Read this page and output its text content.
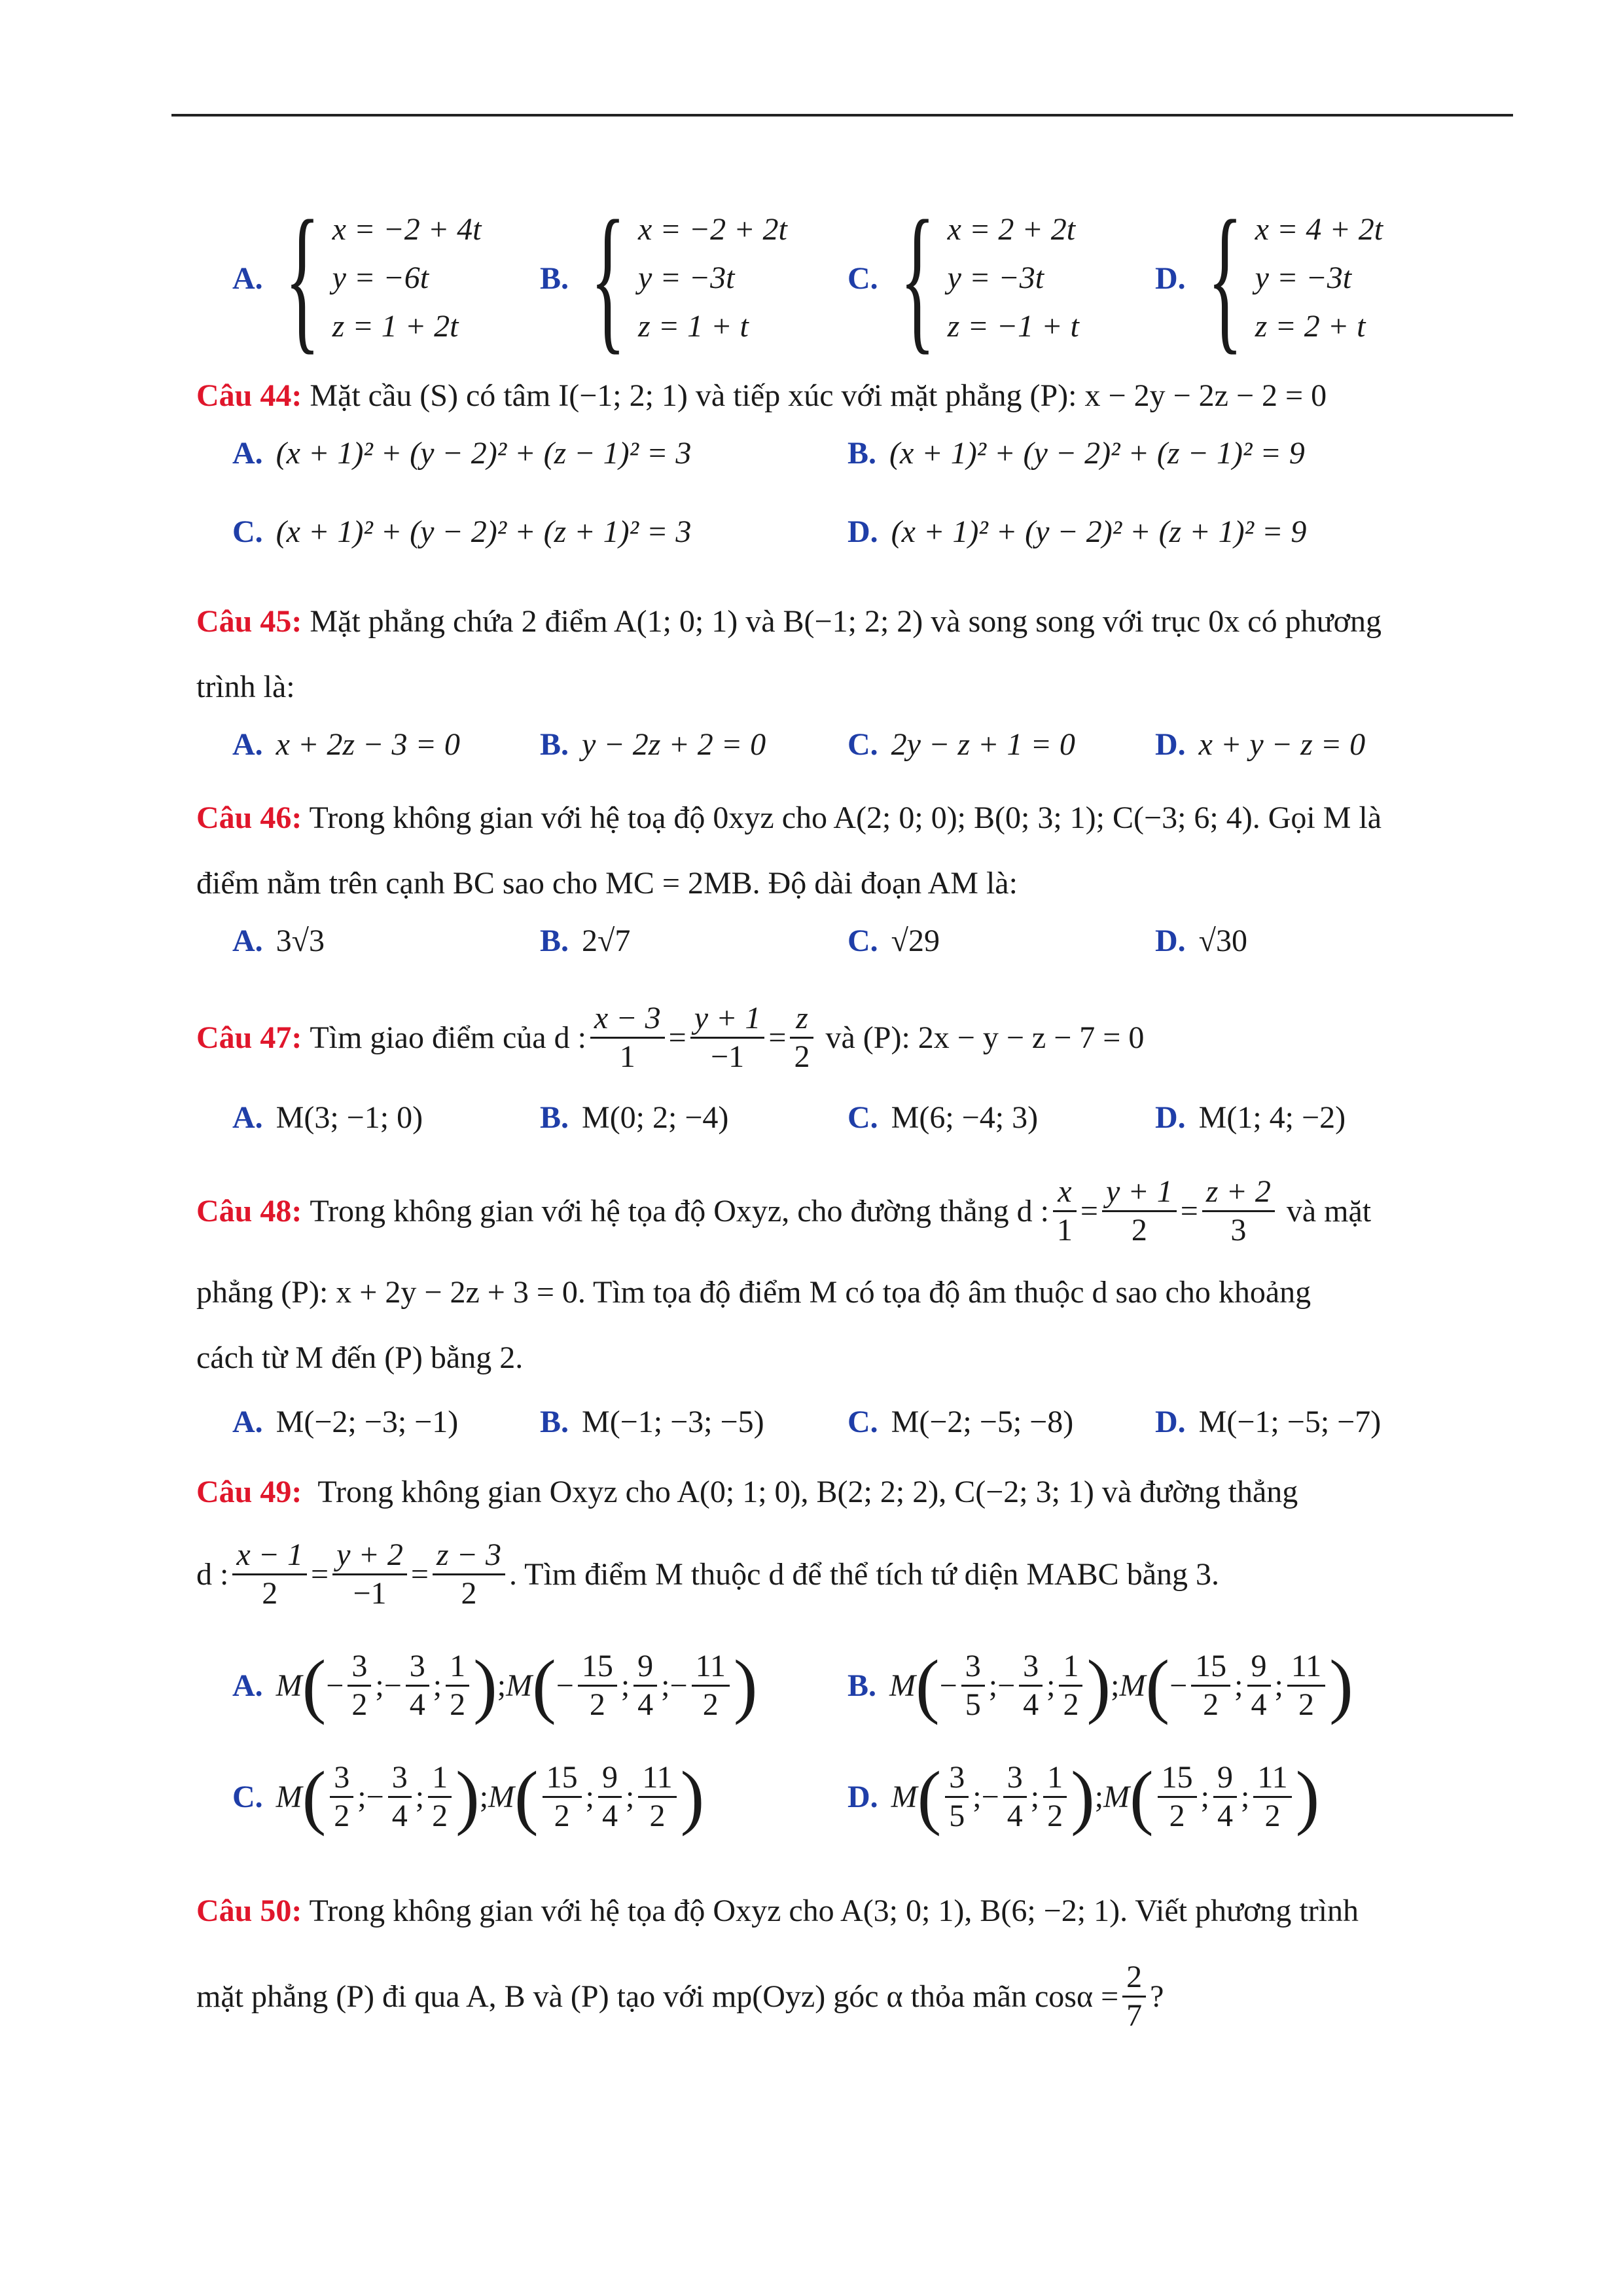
A. { x = −2 + 4t
y = −6t
z = 1 + 2t
B. { x = −2 + 2t
y = −3t
z = 1 + t
C. { x = 2 + 2t
y = −3t
z = −1 + t
D. { x = 4 + 2t
y = −3t
z = 2 + t
Câu 44: Mặt cầu (S) có tâm I(−1; 2; 1) và tiếp xúc với mặt phẳng (P): x − 2y − 2z − 2 = 0
A. (x + 1)² + (y − 2)² + (z − 1)² = 3	B. (x + 1)² + (y − 2)² + (z − 1)² = 9
C. (x + 1)² + (y − 2)² + (z + 1)² = 3	D. (x + 1)² + (y − 2)² + (z + 1)² = 9
Câu 45: Mặt phẳng chứa 2 điểm A(1; 0; 1) và B(−1; 2; 2) và song song với trục 0x có phương
trình là:
A. x + 2z − 3 = 0	B. y − 2z + 2 = 0	C. 2y − z + 1 = 0	D. x + y − z = 0
Câu 46: Trong không gian với hệ toạ độ 0xyz cho A(2; 0; 0); B(0; 3; 1); C(−3; 6; 4). Gọi M là
điểm nằm trên cạnh BC sao cho MC = 2MB. Độ dài đoạn AM là:
A. 3√3	B. 2√7	C. √29	D. √30
Câu 47:
Tìm giao điểm của d : $\frac{x - 3}{1} = \frac{y + 1}{-1} = \frac{z}{2}$
và (P): 2x − y − z − 7 = 0
A. M(3; −1; 0)	B. M(0; 2; −4)	C. M(6; −4; 3)	D. M(1; 4; −2)
Câu 48:
Trong không gian với hệ tọa độ Oxyz, cho đường thẳng d : $\frac{x}{1} = \frac{y + 1}{2} = \frac{z + 2}{3}$
và mặt
phẳng (P): x + 2y − 2z + 3 = 0. Tìm tọa độ điểm M có tọa độ âm thuộc d sao cho khoảng
cách từ M đến (P) bằng 2.
A. M(−2; −3; −1)	B. M(−1; −3; −5)	C. M(−2; −5; −8)	D. M(−1; −5; −7)
Câu 49: Trong không gian Oxyz cho A(0; 1; 0), B(2; 2; 2), C(−2; 3; 1) và đường thẳng
d : $\frac{x - 1}{2} = \frac{y + 2}{-1} = \frac{z - 3}{2}$ . Tìm điểm M thuộc d để thể tích tứ diện MABC bằng 3.
A. M ( − $\frac{3}{2}$ ; − $\frac{3}{4}$ ; $\frac{1}{2}$ ) ; M ( − $\frac{15}{2}$ ; $\frac{9}{4}$ ; − $\frac{11}{2}$ )	B. M ( − $\frac{3}{5}$ ; − $\frac{3}{4}$ ; $\frac{1}{2}$ ) ; M ( − $\frac{15}{2}$ ; $\frac{9}{4}$ ; $\frac{11}{2}$ )
C. M ( $\frac{3}{2}$ ; − $\frac{3}{4}$ ; $\frac{1}{2}$ ) ; M ( $\frac{15}{2}$ ; $\frac{9}{4}$ ; $\frac{11}{2}$ )	D. M ( $\frac{3}{5}$ ; − $\frac{3}{4}$ ; $\frac{1}{2}$ ) ; M ( $\frac{15}{2}$ ; $\frac{9}{4}$ ; $\frac{11}{2}$ )
Câu 50: Trong không gian với hệ tọa độ Oxyz cho A(3; 0; 1), B(6; −2; 1). Viết phương trình
mặt phẳng (P) đi qua A, B và (P) tạo với mp(Oyz) góc α thỏa mãn $\cos\alpha = \frac{2}{7}$ ?
